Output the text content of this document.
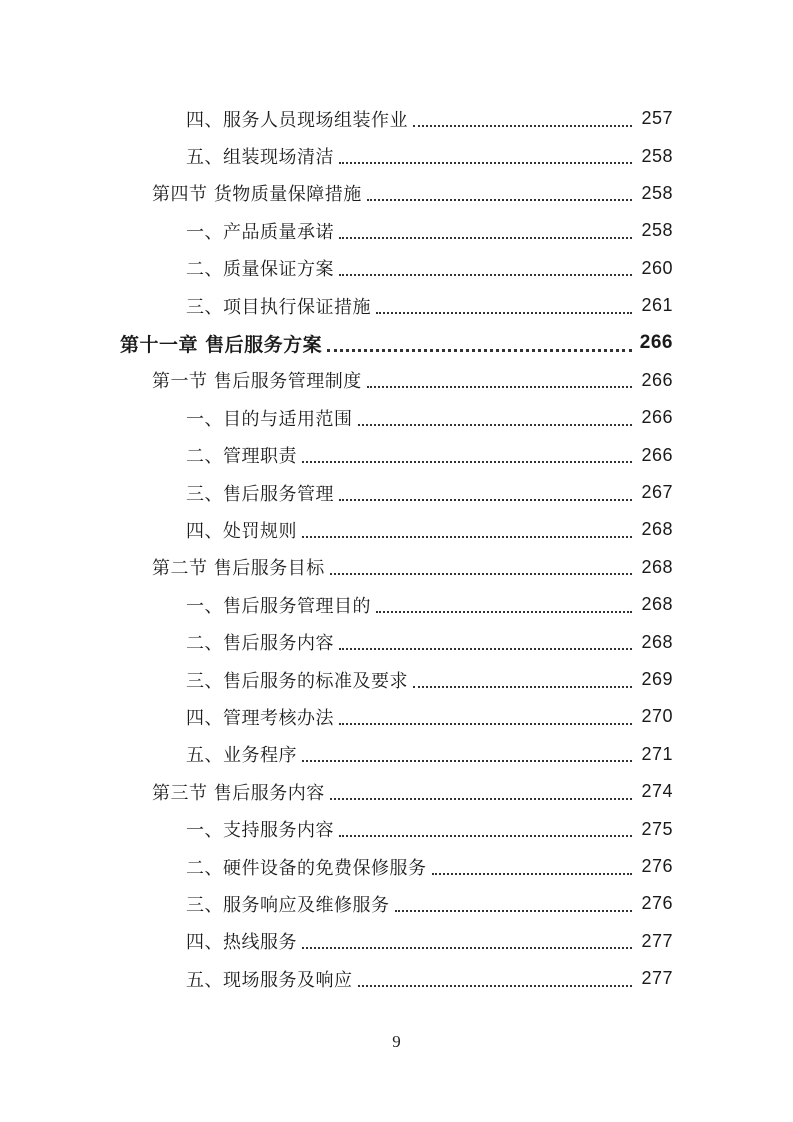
四、服务人员现场组装作业	257
五、组装现场清洁	258
第四节 货物质量保障措施	258
一、产品质量承诺	258
二、质量保证方案	260
三、项目执行保证措施	261
第十一章 售后服务方案	266
第一节 售后服务管理制度	266
一、目的与适用范围	266
二、管理职责	266
三、售后服务管理	267
四、处罚规则	268
第二节 售后服务目标	268
一、售后服务管理目的	268
二、售后服务内容	268
三、售后服务的标准及要求	269
四、管理考核办法	270
五、业务程序	271
第三节 售后服务内容	274
一、支持服务内容	275
二、硬件设备的免费保修服务	276
三、服务响应及维修服务	276
四、热线服务	277
五、现场服务及响应	277
9
